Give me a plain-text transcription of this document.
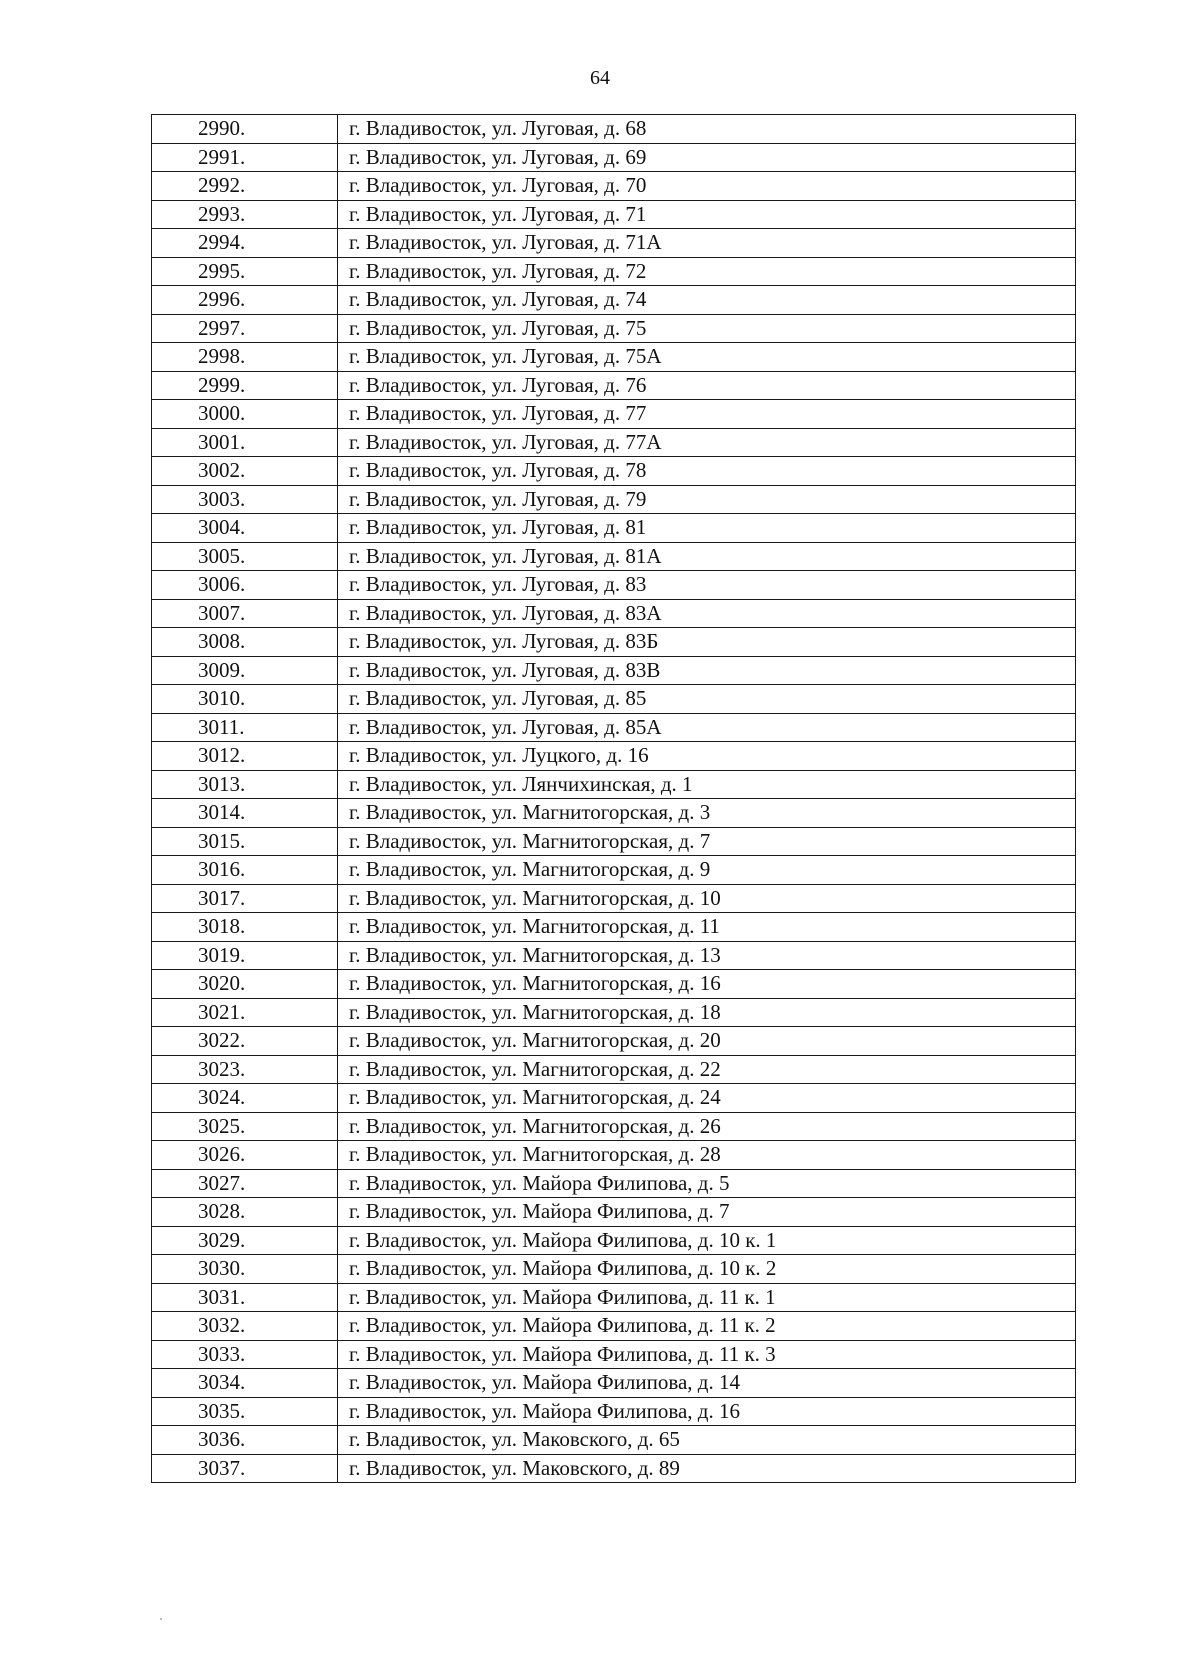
64
2990.	г. Владивосток, ул. Луговая, д. 68
2991.	г. Владивосток, ул. Луговая, д. 69
2992.	г. Владивосток, ул. Луговая, д. 70
2993.	г. Владивосток, ул. Луговая, д. 71
2994.	г. Владивосток, ул. Луговая, д. 71А
2995.	г. Владивосток, ул. Луговая, д. 72
2996.	г. Владивосток, ул. Луговая, д. 74
2997.	г. Владивосток, ул. Луговая, д. 75
2998.	г. Владивосток, ул. Луговая, д. 75А
2999.	г. Владивосток, ул. Луговая, д. 76
3000.	г. Владивосток, ул. Луговая, д. 77
3001.	г. Владивосток, ул. Луговая, д. 77А
3002.	г. Владивосток, ул. Луговая, д. 78
3003.	г. Владивосток, ул. Луговая, д. 79
3004.	г. Владивосток, ул. Луговая, д. 81
3005.	г. Владивосток, ул. Луговая, д. 81А
3006.	г. Владивосток, ул. Луговая, д. 83
3007.	г. Владивосток, ул. Луговая, д. 83А
3008.	г. Владивосток, ул. Луговая, д. 83Б
3009.	г. Владивосток, ул. Луговая, д. 83В
3010.	г. Владивосток, ул. Луговая, д. 85
3011.	г. Владивосток, ул. Луговая, д. 85А
3012.	г. Владивосток, ул. Луцкого, д. 16
3013.	г. Владивосток, ул. Лянчихинская, д. 1
3014.	г. Владивосток, ул. Магнитогорская, д. 3
3015.	г. Владивосток, ул. Магнитогорская, д. 7
3016.	г. Владивосток, ул. Магнитогорская, д. 9
3017.	г. Владивосток, ул. Магнитогорская, д. 10
3018.	г. Владивосток, ул. Магнитогорская, д. 11
3019.	г. Владивосток, ул. Магнитогорская, д. 13
3020.	г. Владивосток, ул. Магнитогорская, д. 16
3021.	г. Владивосток, ул. Магнитогорская, д. 18
3022.	г. Владивосток, ул. Магнитогорская, д. 20
3023.	г. Владивосток, ул. Магнитогорская, д. 22
3024.	г. Владивосток, ул. Магнитогорская, д. 24
3025.	г. Владивосток, ул. Магнитогорская, д. 26
3026.	г. Владивосток, ул. Магнитогорская, д. 28
3027.	г. Владивосток, ул. Майора Филипова, д. 5
3028.	г. Владивосток, ул. Майора Филипова, д. 7
3029.	г. Владивосток, ул. Майора Филипова, д. 10 к. 1
3030.	г. Владивосток, ул. Майора Филипова, д. 10 к. 2
3031.	г. Владивосток, ул. Майора Филипова, д. 11 к. 1
3032.	г. Владивосток, ул. Майора Филипова, д. 11 к. 2
3033.	г. Владивосток, ул. Майора Филипова, д. 11 к. 3
3034.	г. Владивосток, ул. Майора Филипова, д. 14
3035.	г. Владивосток, ул. Майора Филипова, д. 16
3036.	г. Владивосток, ул. Маковского, д. 65
3037.	г. Владивосток, ул. Маковского, д. 89
